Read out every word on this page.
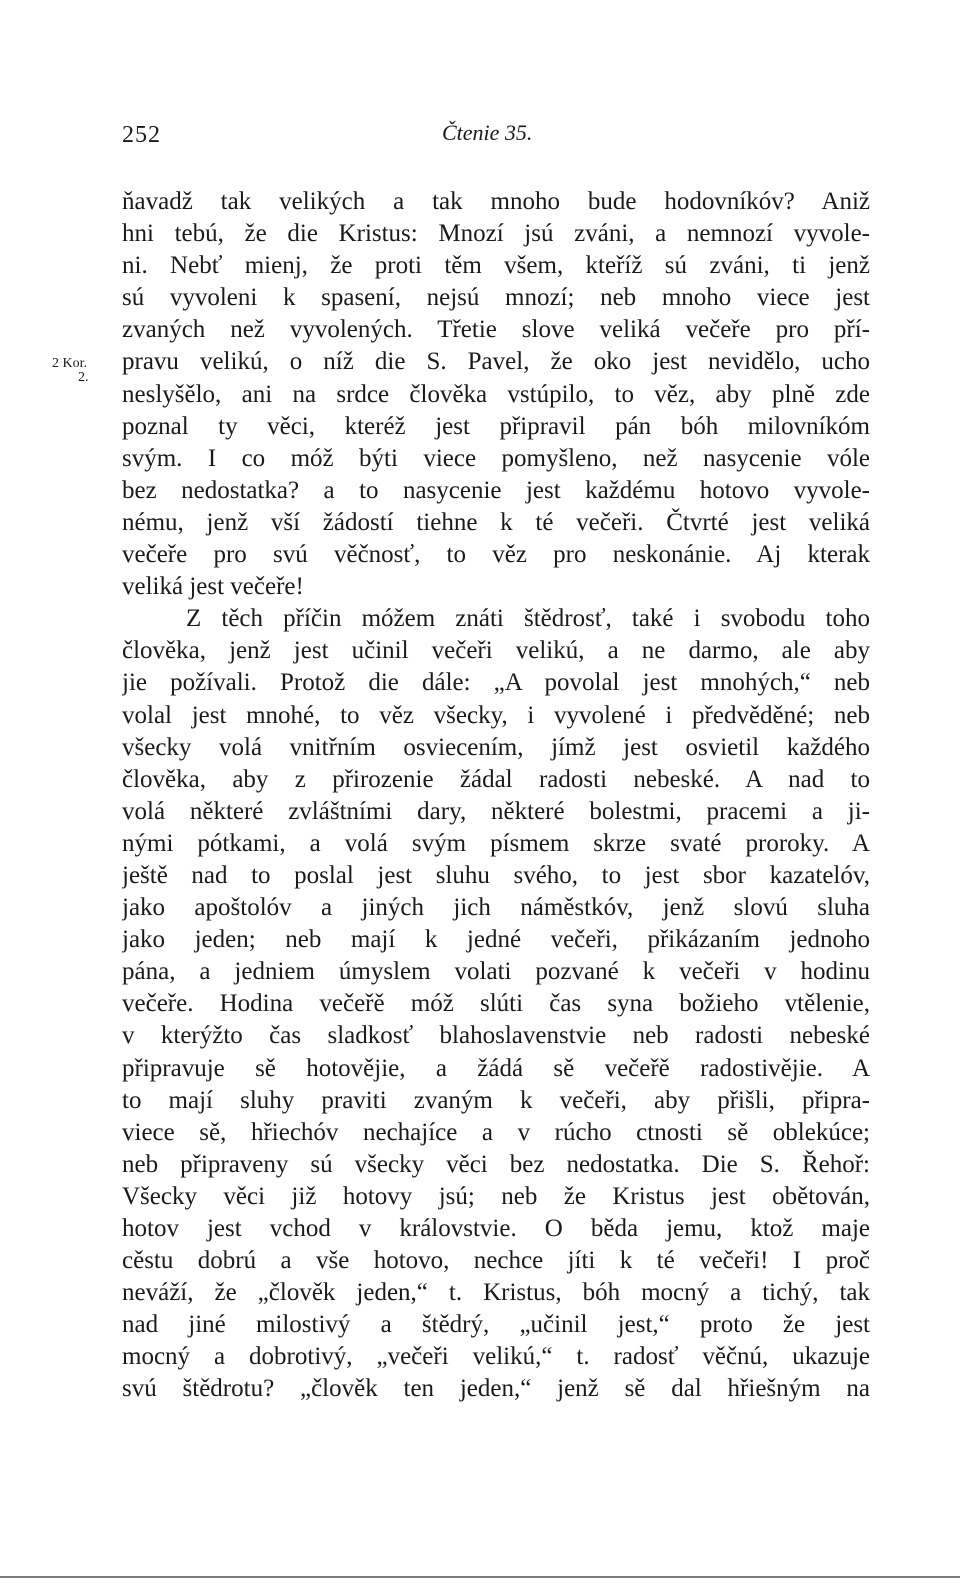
252	Čtenie 35.
2 Kor.
2.
ňavadž tak velikých a tak mnoho bude hodovníkóv? Aniž
hni tebú, že die Kristus: Mnozí jsú zváni, a nemnozí vyvole-
ni. Nebť mienj, že proti těm všem, kteříž sú zváni, ti jenž
sú vyvoleni k spasení, nejsú mnozí; neb mnoho viece jest
zvaných než vyvolených. Třetie slove veliká večeře pro pří-
pravu velikú, o níž die S. Pavel, že oko jest nevidělo, ucho
neslyšělo, ani na srdce člověka vstúpilo, to věz, aby plně zde
poznal ty věci, kteréž jest připravil pán bóh milovníkóm
svým. I co móž býti viece pomyšleno, než nasycenie vóle
bez nedostatka? a to nasycenie jest každému hotovo vyvole-
nému, jenž vší žádostí tiehne k té večeři. Čtvrté jest veliká
večeře pro svú věčnosť, to věz pro neskonánie. Aj kterak
veliká jest večeře!
Z těch příčin móžem znáti štědrosť, také i svobodu toho
člověka, jenž jest učinil večeři velikú, a ne darmo, ale aby
jie požívali. Protož die dále: „A povolal jest mnohých,“ neb
volal jest mnohé, to věz všecky, i vyvolené i předvěděné; neb
všecky volá vnitřním osviecením, jímž jest osvietil každého
člověka, aby z přirozenie žádal radosti nebeské. A nad to
volá některé zvláštními dary, některé bolestmi, pracemi a ji-
nými pótkami, a volá svým písmem skrze svaté proroky. A
ještě nad to poslal jest sluhu svého, to jest sbor kazatelóv,
jako apoštolóv a jiných jich náměstkóv, jenž slovú sluha
jako jeden; neb mají k jedné večeři, přikázaním jednoho
pána, a jedniem úmyslem volati pozvané k večeři v hodinu
večeře. Hodina večeřě móž slúti čas syna božieho vtělenie,
v kterýžto čas sladkosť blahoslavenstvie neb radosti nebeské
připravuje sě hotovějie, a žádá sě večeřě radostivějie. A
to mají sluhy praviti zvaným k večeři, aby přišli, připra-
viece sě, hřiechóv nechajíce a v rúcho ctnosti sě oblekúce;
neb připraveny sú všecky věci bez nedostatka. Die S. Řehoř:
Všecky věci již hotovy jsú; neb že Kristus jest obětován,
hotov jest vchod v královstvie. O běda jemu, ktož maje
cěstu dobrú a vše hotovo, nechce jíti k té večeři! I proč
neváží, že „člověk jeden,“ t. Kristus, bóh mocný a tichý, tak
nad jiné milostivý a štědrý, „učinil jest,“ proto že jest
mocný a dobrotivý, „večeři velikú,“ t. radosť věčnú, ukazuje
svú štědrotu? „člověk ten jeden,“ jenž sě dal hřiešným na
